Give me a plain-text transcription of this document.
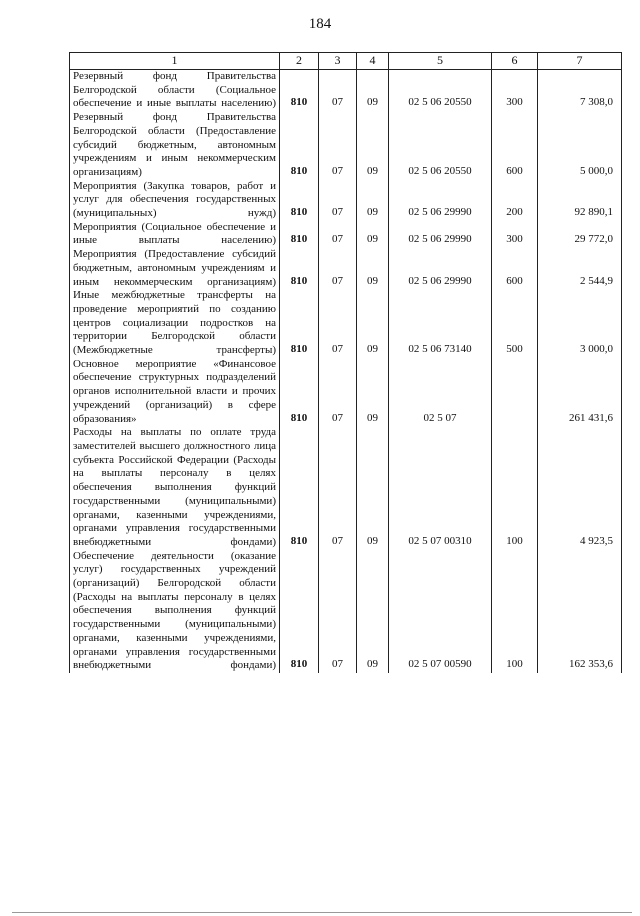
184
1	2	3	4	5	6	7
Резервный фонд Правительства Белгородской области (Социальное обеспечение и иные выплаты населению)	810	07	09	02 5 06 20550	300	7 308,0
Резервный фонд Правительства Белгородской области (Предоставление субсидий бюджетным, автономным учреждениям и иным некоммерческим организациям)	810	07	09	02 5 06 20550	600	5 000,0
Мероприятия (Закупка товаров, работ и услуг для обеспечения государственных (муниципальных) нужд)	810	07	09	02 5 06 29990	200	92 890,1
Мероприятия (Социальное обеспечение и иные выплаты населению)	810	07	09	02 5 06 29990	300	29 772,0
Мероприятия (Предоставление субсидий бюджетным, автономным учреждениям и иным некоммерческим организациям)	810	07	09	02 5 06 29990	600	2 544,9
Иные межбюджетные трансферты на проведение мероприятий по созданию центров социализации подростков на территории Белгородской области (Межбюджетные трансферты)	810	07	09	02 5 06 73140	500	3 000,0
Основное мероприятие «Финансовое обеспечение структурных подразделений органов исполнительной власти и прочих учреждений (организаций) в сфере образования»	810	07	09	02 5 07		261 431,6
Расходы на выплаты по оплате труда заместителей высшего должностного лица субъекта Российской Федерации (Расходы на выплаты персоналу в целях обеспечения выполнения функций государственными (муниципальными) органами, казенными учреждениями, органами управления государственными внебюджетными фондами)	810	07	09	02 5 07 00310	100	4 923,5
Обеспечение деятельности (оказание услуг) государственных учреждений (организаций) Белгородской области (Расходы на выплаты персоналу в целях обеспечения выполнения функций государственными (муниципальными) органами, казенными учреждениями, органами управления государственными внебюджетными фондами)	810	07	09	02 5 07 00590	100	162 353,6
